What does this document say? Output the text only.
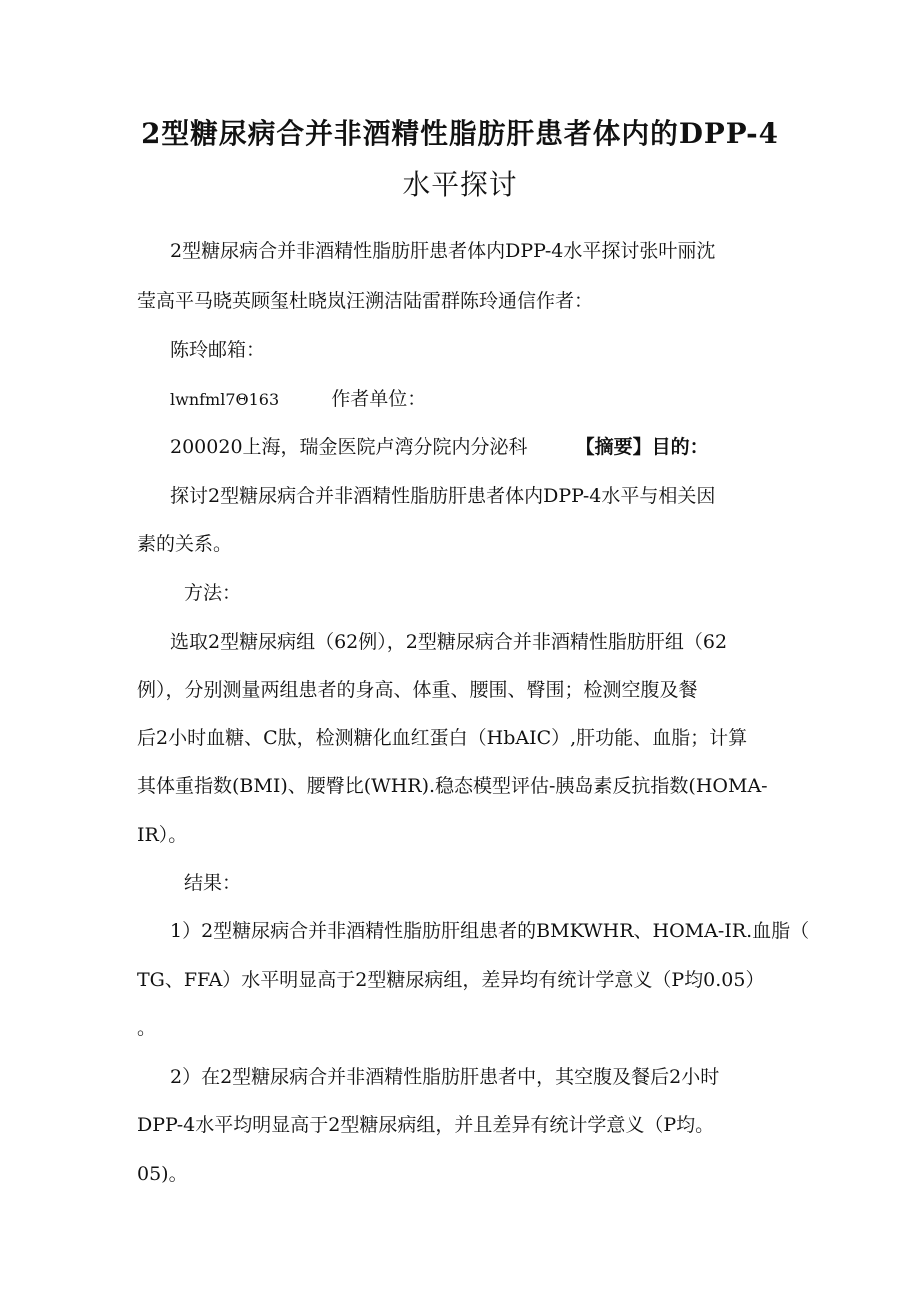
2型糖尿病合并非酒精性脂肪肝患者体内的DPP-4
水平探讨
2型糖尿病合并非酒精性脂肪肝患者体内DPP-4水平探讨张叶丽沈
莹高平马晓英顾玺杜晓岚汪溯洁陆雷群陈玲通信作者：
陈玲邮箱：
lwnfml7Θ163	作者单位：
200020上海，瑞金医院卢湾分院内分泌科	【摘要】目的：
探讨2型糖尿病合并非酒精性脂肪肝患者体内DPP-4水平与相关因
素的关系。
方法：
选取2型糖尿病组（62例），2型糖尿病合并非酒精性脂肪肝组（62
例），分别测量两组患者的身高、体重、腰围、臀围；检测空腹及餐
后2小时血糖、C肽，检测糖化血红蛋白（HbAIC）,肝功能、血脂；计算
其体重指数(BMI)、腰臀比(WHR).稳态模型评估-胰岛素反抗指数(HOMA-
IR）。
结果：
1）2型糖尿病合并非酒精性脂肪肝组患者的BMKWHR、HOMA-IR.血脂（
TG、FFA）水平明显高于2型糖尿病组，差异均有统计学意义（P均0.05）
。
2）在2型糖尿病合并非酒精性脂肪肝患者中，其空腹及餐后2小时
DPP-4水平均明显高于2型糖尿病组，并且差异有统计学意义（P均。
05)。
